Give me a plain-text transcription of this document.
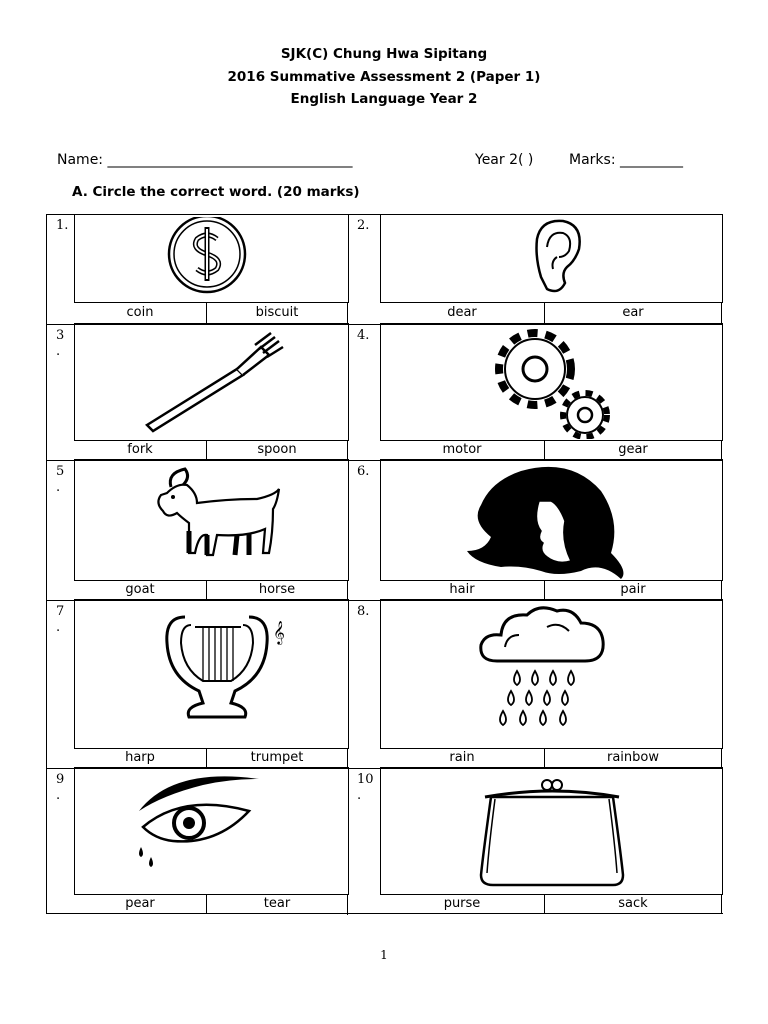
SJK(C) Chung Hwa Sipitang
2016 Summative Assessment 2 (Paper 1)
English Language Year 2
Name: ___________________________________	Year 2( )	Marks: _________
A. Circle the correct word. (20 marks)
1.
coin	biscuit
2.
dear	ear
3
.
fork	spoon
4.
motor	gear
5
.
goat	horse
6.
hair	pair
7
.
harp	trumpet
8.
rain	rainbow
9
.
pear	tear
10
.
purse	sack
1
